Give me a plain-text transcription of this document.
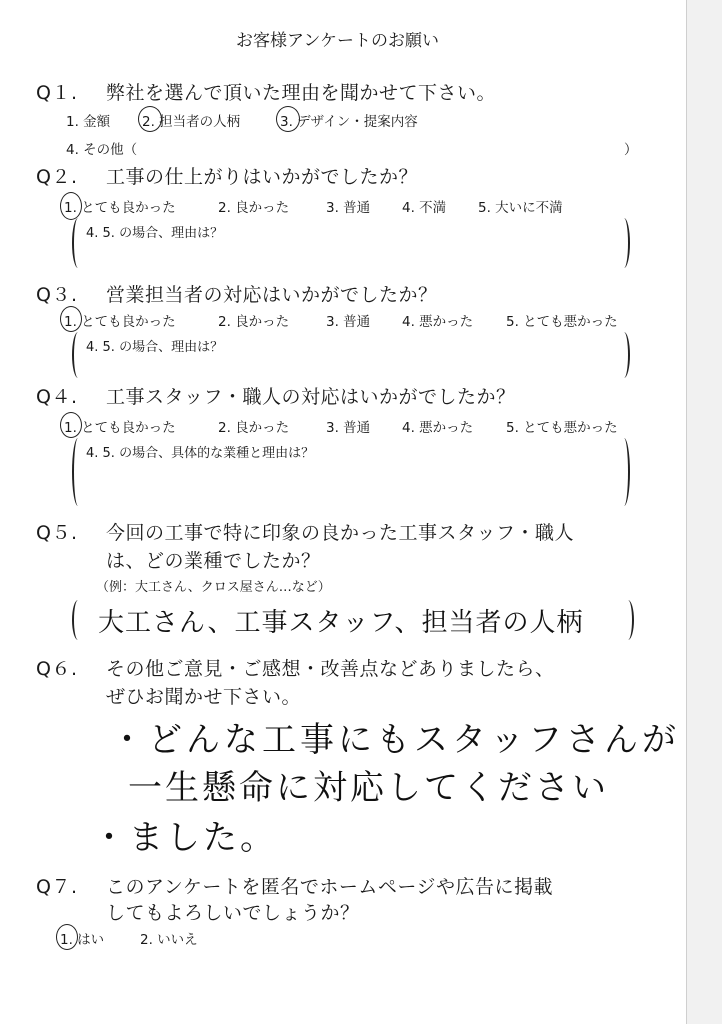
お客様アンケートのお願い
Q１. 弊社を選んで頂いた理由を聞かせて下さい。
1. 金額 2. 担当者の人柄	3. デザイン・提案内容
4. その他（	）
Q２. 工事の仕上がりはいかがでしたか？
1. とても良かった	2. 良かった	3. 普通 4. 不満 5. 大いに不満
4. 5. の場合、理由は？
Q３. 営業担当者の対応はいかがでしたか？
1. とても良かった	2. 良かった	3. 普通 4. 悪かった 5. とても悪かった
4. 5. の場合、理由は？
Q４. 工事スタッフ・職人の対応はいかがでしたか？
1. とても良かった	2. 良かった	3. 普通 4. 悪かった 5. とても悪かった
4. 5. の場合、具体的な業種と理由は？
Q５. 今回の工事で特に印象の良かった工事スタッフ・職人
は、どの業種でしたか？
（例：大工さん、クロス屋さん…など）
大工さん、工事スタッフ、担当者の人柄
Q６. その他ご意見・ご感想・改善点などありましたら、
ぜひお聞かせ下さい。
・どんな工事にもスタッフさんが
一生懸命に対応してください
・ました。
Q７. このアンケートを匿名でホームページや広告に掲載
してもよろしいでしょうか？
1. はい	2. いいえ
